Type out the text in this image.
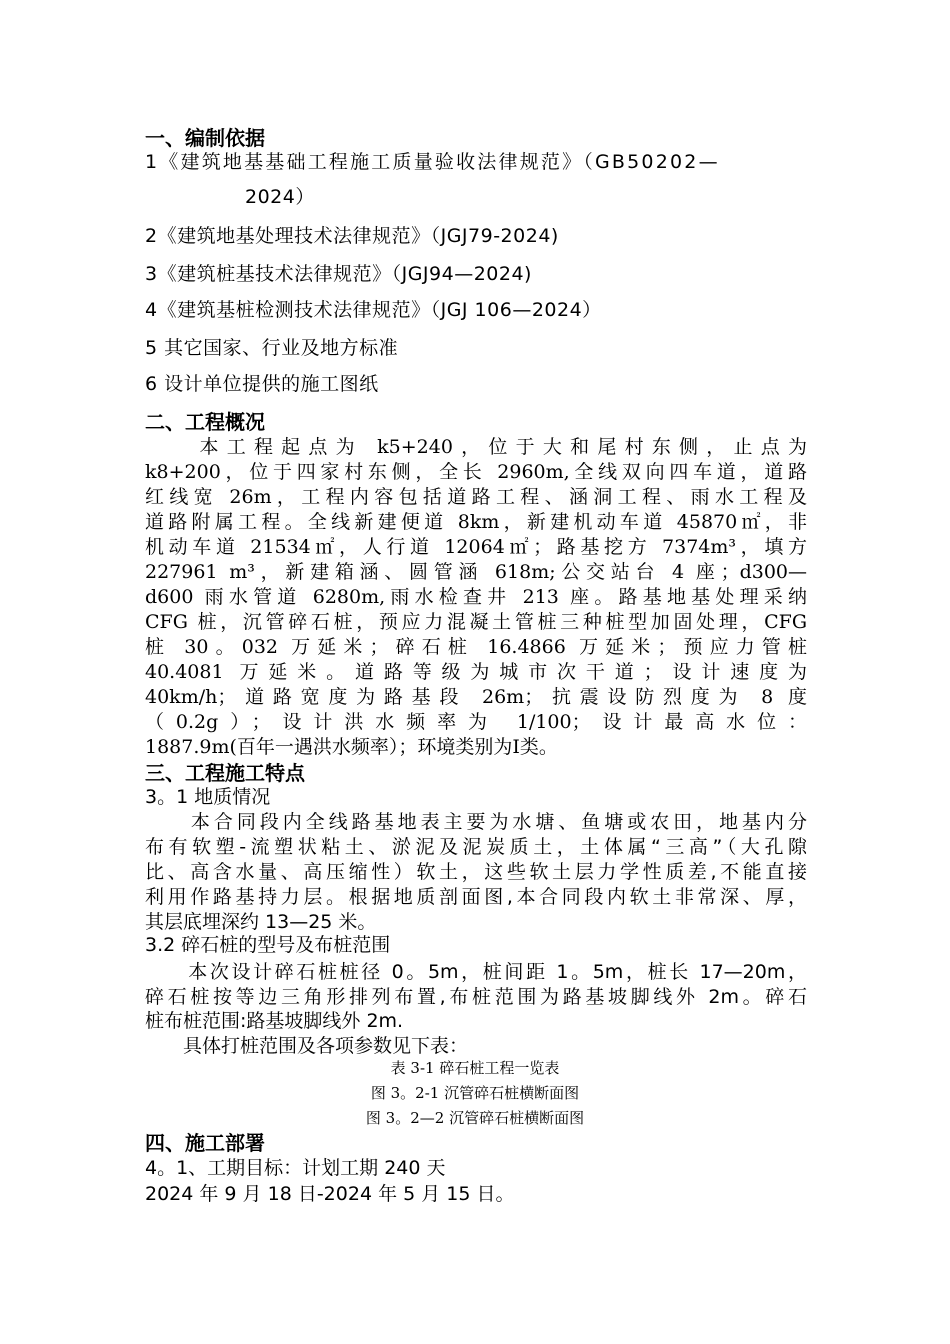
一、编制依据
1《建筑地基基础工程施工质量验收法律规范》（GB50202—
2024）
2《建筑地基处理技术法律规范》（JGJ79-2024)
3《建筑桩基技术法律规范》（JGJ94—2024)
4《建筑基桩检测技术法律规范》（JGJ 106—2024）
5 其它国家、行业及地方标准
6 设计单位提供的施工图纸
二、工程概况
　　本工程起点为 k5+240，位于大和尾村东侧，止点为
k8+200，位于四家村东侧，全长 2960m,全线双向四车道，道路
红线宽 26m，工程内容包括道路工程、涵洞工程、雨水工程及
道路附属工程。全线新建便道 8km，新建机动车道 45870㎡，非
机动车道 21534㎡，人行道 12064㎡；路基挖方 7374m³，填方
227961 m³，新建箱涵、圆管涵 618m;公交站台 4 座；d300—
d600 雨水管道 6280m,雨水检查井 213 座。路基地基处理采纳
CFG 桩，沉管碎石桩，预应力混凝土管桩三种桩型加固处理，CFG
桩 30。032 万延米；碎石桩 16.4866 万延米；预应力管桩
40.4081 万延米。道路等级为城市次干道；设计速度为
40km/h；道路宽度为路基段 26m；抗震设防烈度为 8 度
（0.2g）；设计洪水频率为 1/100；设计最高水位：
1887.9m(百年一遇洪水频率）；环境类别为Ⅰ类。
三、工程施工特点
3。1 地质情况
　　本合同段内全线路基地表主要为水塘、鱼塘或农田，地基内分
布有软塑-流塑状粘土、淤泥及泥炭质土，土体属“三高”（大孔隙
比、高含水量、高压缩性）软土，这些软土层力学性质差,不能直接
利用作路基持力层。根据地质剖面图,本合同段内软土非常深、厚，
其层底埋深约 13—25 米。
3.2 碎石桩的型号及布桩范围
　　本次设计碎石桩桩径 0。5m，桩间距 1。5m，桩长 17—20m，
碎石桩按等边三角形排列布置,布桩范围为路基坡脚线外 2m。碎石
桩布桩范围:路基坡脚线外 2m.
　　具体打桩范围及各项参数见下表：
表 3-1 碎石桩工程一览表
图 3。2-1 沉管碎石桩横断面图
图 3。2—2 沉管碎石桩横断面图
四、施工部署
4。1、工期目标：计划工期 240 天
2024 年 9 月 18 日-2024 年 5 月 15 日。
